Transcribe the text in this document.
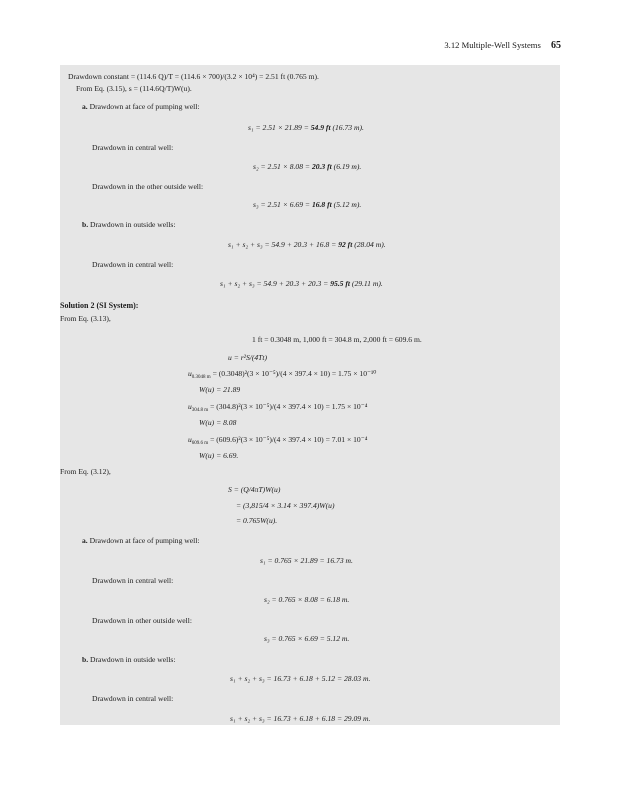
3.12 Multiple-Well Systems 65
Drawdown constant = (114.6 Q)/T = (114.6 × 700)/(3.2 × 10⁴) = 2.51 ft (0.765 m).
From Eq. (3.15), s = (114.6Q/T)W(u).
a. Drawdown at face of pumping well:
s₁ = 2.51 × 21.89 = 54.9 ft (16.73 m).
Drawdown in central well:
s₂ = 2.51 × 8.08 = 20.3 ft (6.19 m).
Drawdown in the other outside well:
s₃ = 2.51 × 6.69 = 16.8 ft (5.12 m).
b. Drawdown in outside wells:
s₁ + s₂ + s₃ = 54.9 + 20.3 + 16.8 = 92 ft (28.04 m).
Drawdown in central well:
s₁ + s₂ + s₃ = 54.9 + 20.3 + 20.3 = 95.5 ft (29.11 m).
Solution 2 (SI System):
From Eq. (3.13),
1 ft = 0.3048 m, 1,000 ft = 304.8 m, 2,000 ft = 609.6 m.
u = r²S/(4Tt)
$u_{0.3048 m} = (0.3048)^2(3 \times 10^{-5})/(4 \times 397.4 \times 10) = 1.75 \times 10^{-10}$
W(u) = 21.89
$u_{304.8 m} = (304.8)^2(3 \times 10^{-5})/(4 \times 397.4 \times 10) = 1.75 \times 10^{-4}$
W(u) = 8.08
$u_{609.6 m} = (609.6)^2(3 \times 10^{-5})/(4 \times 397.4 \times 10) = 7.01 \times 10^{-4}$
W(u) = 6.69.
From Eq. (3.12),
S = (Q/4πT)W(u)
= (3,815/4 × 3.14 × 397.4)W(u)
= 0.765W(u).
a. Drawdown at face of pumping well:
s₁ = 0.765 × 21.89 = 16.73 m.
Drawdown in central well:
s₂ = 0.765 × 8.08 = 6.18 m.
Drawdown in other outside well:
s₃ = 0.765 × 6.69 = 5.12 m.
b. Drawdown in outside wells:
s₁ + s₂ + s₃ = 16.73 + 6.18 + 5.12 = 28.03 m.
Drawdown in central well:
s₁ + s₂ + s₃ = 16.73 + 6.18 + 6.18 = 29.09 m.
